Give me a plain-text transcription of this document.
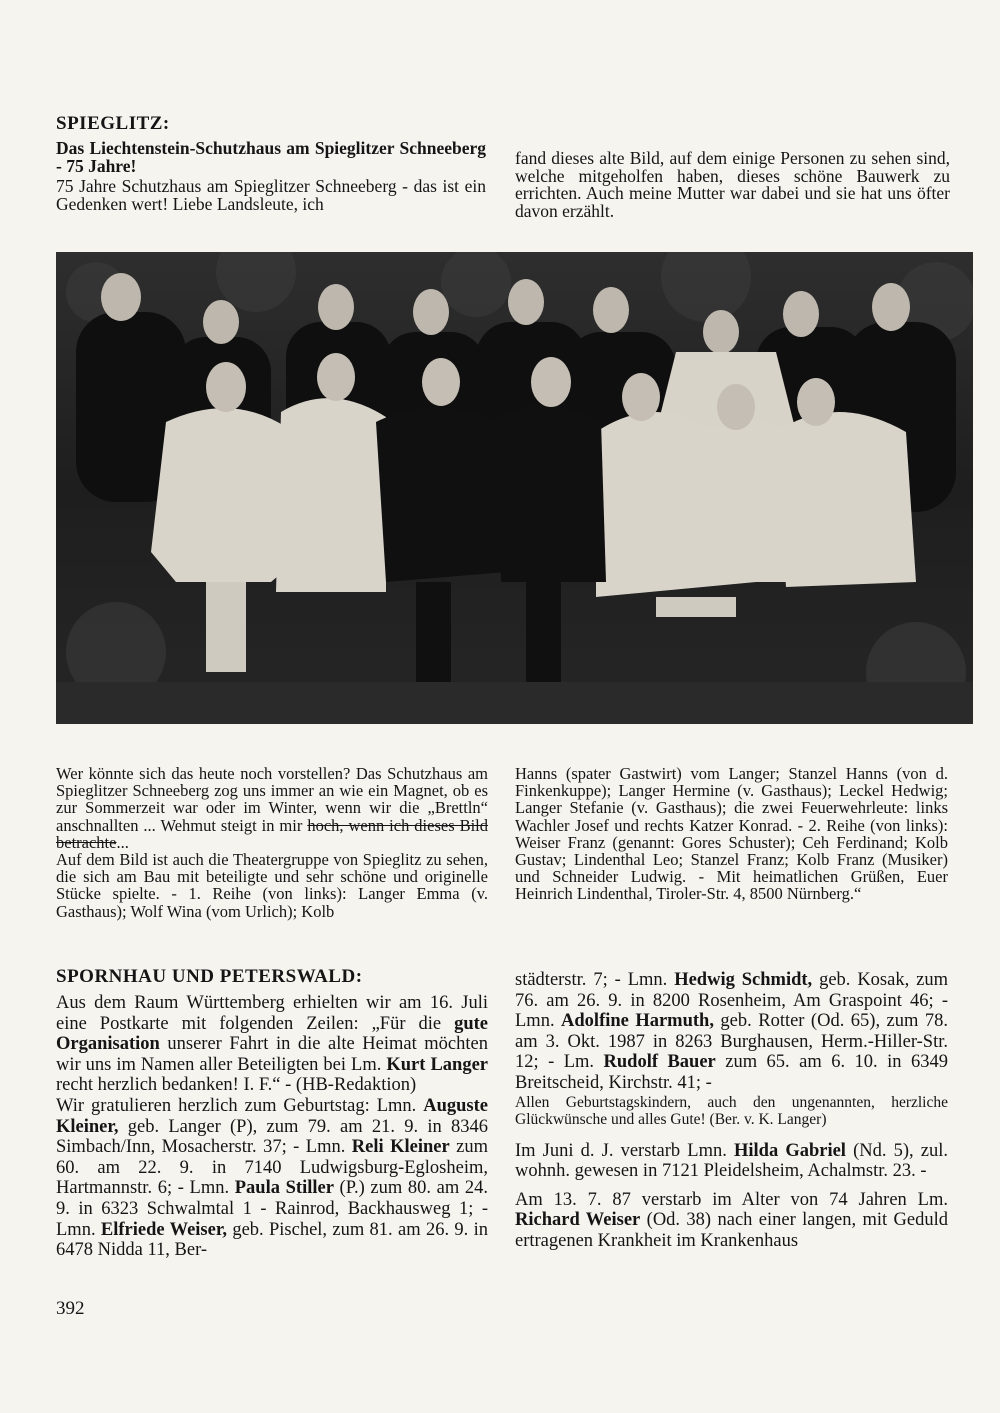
SPIEGLITZ:

Das Liechtenstein-Schutzhaus am Spieglitzer Schneeberg - 75 Jahre!

75 Jahre Schutzhaus am Spieglitzer Schneeberg - das ist ein Gedenken wert! Liebe Landsleute, ich

fand dieses alte Bild, auf dem einige Personen zu sehen sind, welche mitgeholfen haben, dieses schöne Bauwerk zu errichten. Auch meine Mutter war dabei und sie hat uns öfter davon erzählt.

Wer könnte sich das heute noch vorstellen? Das Schutzhaus am Spieglitzer Schneeberg zog uns immer an wie ein Magnet, ob es zur Sommerzeit war oder im Winter, wenn wir die „Brettln“ anschnallten ... Wehmut steigt in mir hoch, wenn ich dieses Bild betrachte...

Auf dem Bild ist auch die Theatergruppe von Spieglitz zu sehen, die sich am Bau mit beteiligte und sehr schöne und originelle Stücke spielte. - 1. Reihe (von links): Langer Emma (v. Gasthaus); Wolf Wina (vom Urlich); Kolb

Hanns (spater Gastwirt) vom Langer; Stanzel Hanns (von d. Finkenkuppe); Langer Hermine (v. Gasthaus); Leckel Hedwig; Langer Stefanie (v. Gasthaus); die zwei Feuerwehrleute: links Wachler Josef und rechts Katzer Konrad. - 2. Reihe (von links): Weiser Franz (genannt: Gores Schuster); Ceh Ferdinand; Kolb Gustav; Lindenthal Leo; Stanzel Franz; Kolb Franz (Musiker) und Schneider Ludwig. - Mit heimatlichen Grüßen, Euer Heinrich Lindenthal, Tiroler-Str. 4, 8500 Nürnberg.“

SPORNHAU UND PETERSWALD:

Aus dem Raum Württemberg erhielten wir am 16. Juli eine Postkarte mit folgenden Zeilen: „Für die gute Organisation unserer Fahrt in die alte Heimat möchten wir uns im Namen aller Beteiligten bei Lm. Kurt Langer recht herzlich bedanken! I. F.“ - (HB-Redaktion)

Wir gratulieren herzlich zum Geburtstag: Lmn. Auguste Kleiner, geb. Langer (P), zum 79. am 21. 9. in 8346 Simbach/Inn, Mosacherstr. 37; - Lmn. Reli Kleiner zum 60. am 22. 9. in 7140 Ludwigsburg-Eglosheim, Hartmannstr. 6; - Lmn. Paula Stiller (P.) zum 80. am 24. 9. in 6323 Schwalmtal 1 - Rainrod, Backhausweg 1; - Lmn. Elfriede Weiser, geb. Pischel, zum 81. am 26. 9. in 6478 Nidda 11, Ber-

städterstr. 7; - Lmn. Hedwig Schmidt, geb. Kosak, zum 76. am 26. 9. in 8200 Rosenheim, Am Graspoint 46; - Lmn. Adolfine Harmuth, geb. Rotter (Od. 65), zum 78. am 3. Okt. 1987 in 8263 Burghausen, Herm.-Hiller-Str. 12; - Lm. Rudolf Bauer zum 65. am 6. 10. in 6349 Breitscheid, Kirchstr. 41; -

Allen Geburtstagskindern, auch den ungenannten, herzliche Glückwünsche und alles Gute! (Ber. v. K. Langer)

Im Juni d. J. verstarb Lmn. Hilda Gabriel (Nd. 5), zul. wohnh. gewesen in 7121 Pleidelsheim, Achalmstr. 23. -

Am 13. 7. 87 verstarb im Alter von 74 Jahren Lm. Richard Weiser (Od. 38) nach einer langen, mit Geduld ertragenen Krankheit im Krankenhaus

392
